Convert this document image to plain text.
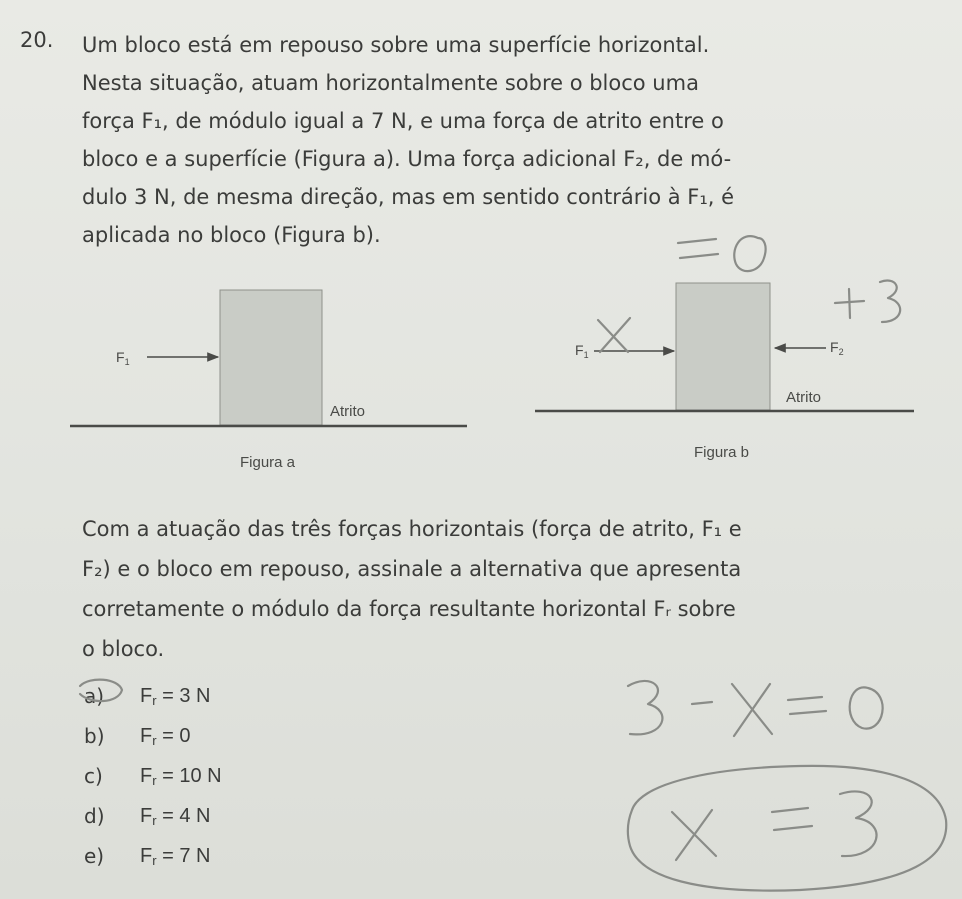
20. Um bloco está em repouso sobre uma superfície horizontal.
Nesta situação, atuam horizontalmente sobre o bloco uma
força F₁, de módulo igual a 7 N, e uma força de atrito entre o
bloco e a superfície (Figura a). Uma força adicional F₂, de mó-
dulo 3 N, de mesma direção, mas em sentido contrário à F₁, é
aplicada no bloco (Figura b).

$F_1$
Atrito
Figura a
$F_1$	$F_2$
Atrito
Figura b

Com a atuação das três forças horizontais (força de atrito, F₁ e
F₂) e o bloco em repouso, assinale a alternativa que apresenta
corretamente o módulo da força resultante horizontal Fᵣ sobre
o bloco.

a)	Fr = 3 N
b)	Fr = 0
c)	Fr = 10 N
d)	Fr = 4 N
e)	Fr = 7 N
